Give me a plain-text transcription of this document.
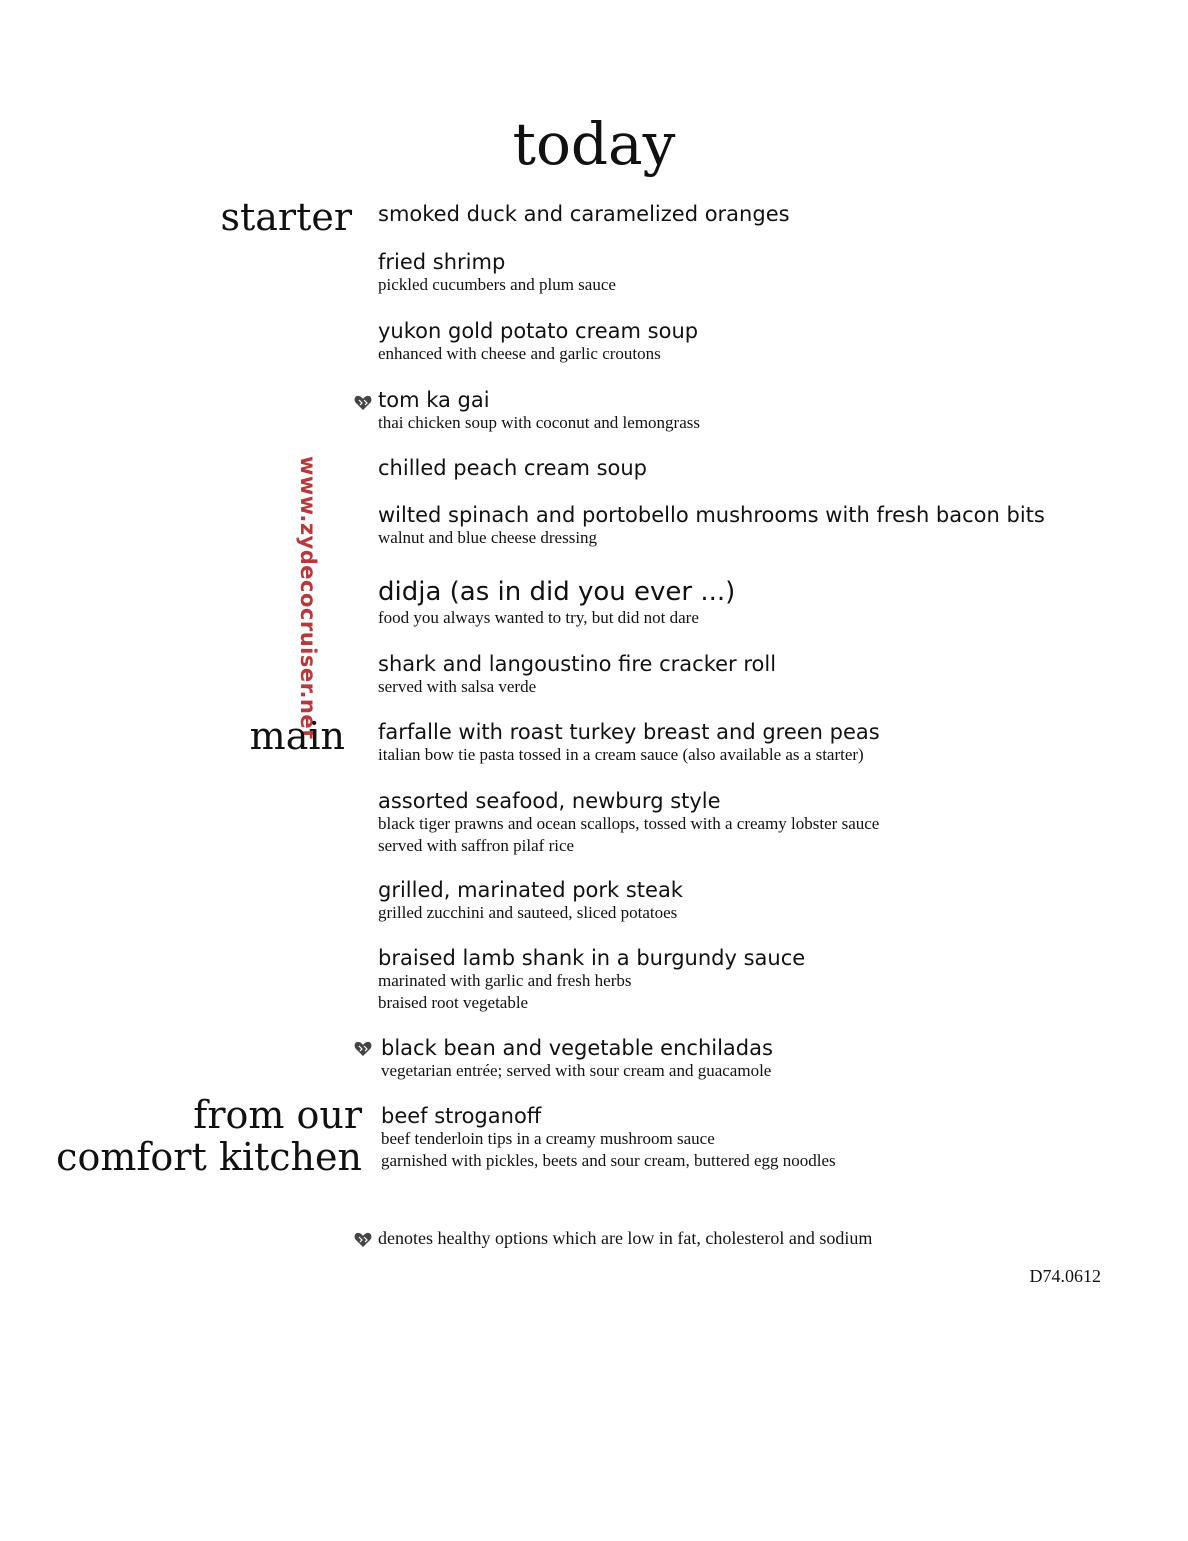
today
www.zydecocruiser.net
starter
main
from our
comfort kitchen
smoked duck and caramelized oranges
fried shrimp
pickled cucumbers and plum sauce
yukon gold potato cream soup
enhanced with cheese and garlic croutons
tom ka gai
thai chicken soup with coconut and lemongrass
chilled peach cream soup
wilted spinach and portobello mushrooms with fresh bacon bits
walnut and blue cheese dressing
didja (as in did you ever ...)
food you always wanted to try, but did not dare
shark and langoustino fire cracker roll
served with salsa verde
farfalle with roast turkey breast and green peas
italian bow tie pasta tossed in a cream sauce (also available as a starter)
assorted seafood, newburg style
black tiger prawns and ocean scallops, tossed with a creamy lobster sauce
served with saffron pilaf rice
grilled, marinated pork steak
grilled zucchini and sauteed, sliced potatoes
braised lamb shank in a burgundy sauce
marinated with garlic and fresh herbs
braised root vegetable
black bean and vegetable enchiladas
vegetarian entrée; served with sour cream and guacamole
beef stroganoff
beef tenderloin tips in a creamy mushroom sauce
garnished with pickles, beets and sour cream, buttered egg noodles
denotes healthy options which are low in fat, cholesterol and sodium
D74.0612
